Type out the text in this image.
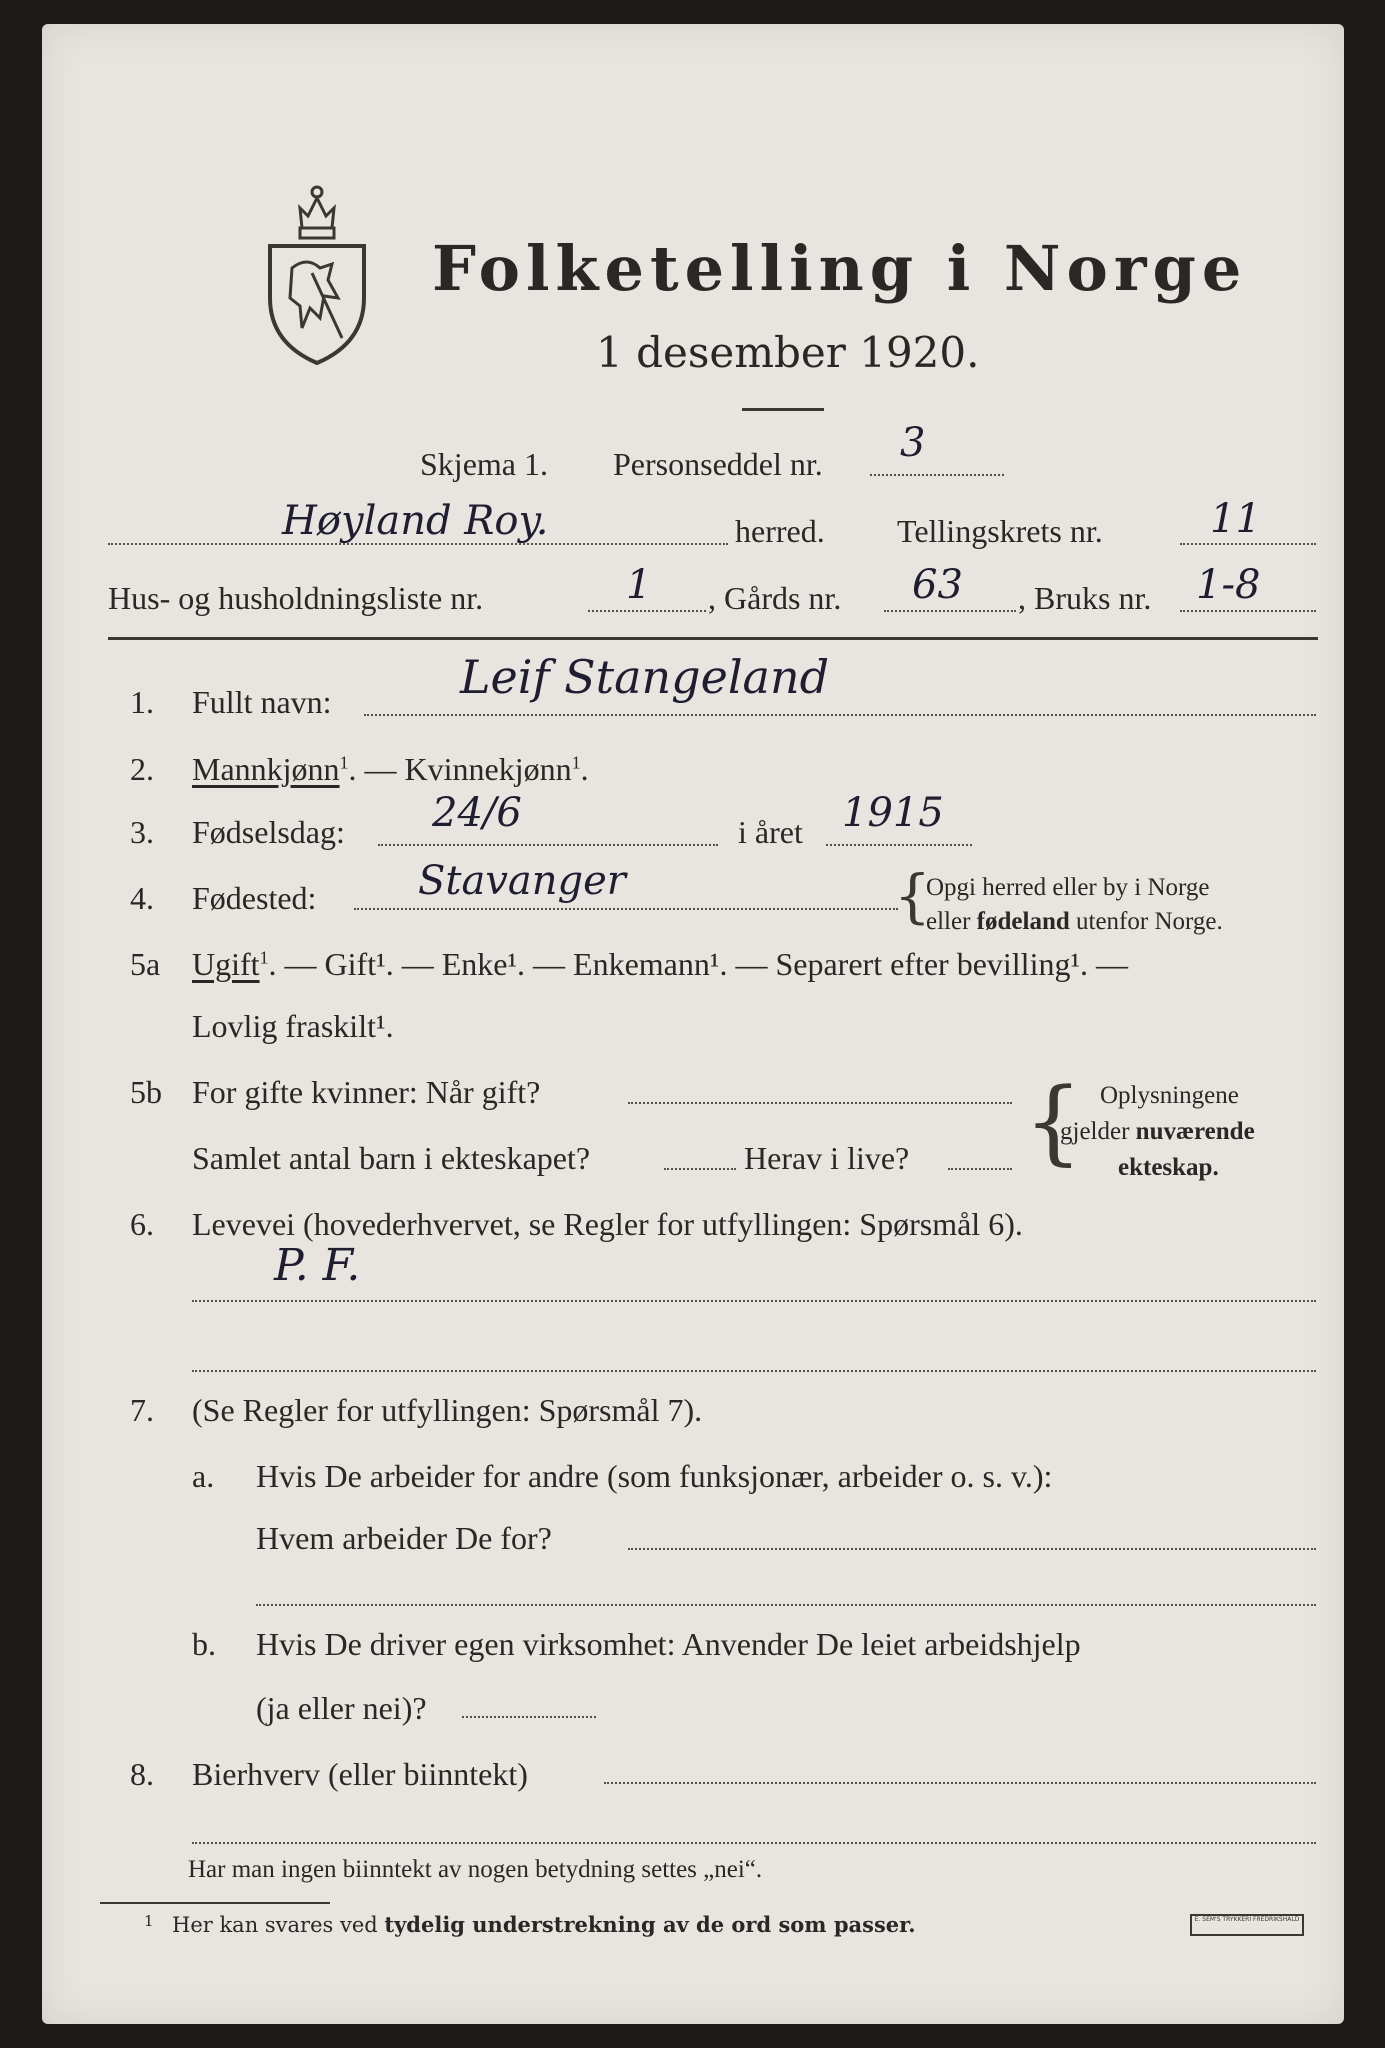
Folketelling i Norge
1 desember 1920.
Skjema 1. Personseddel nr. 3
Høyland Roy.	herred. Tellingskrets nr.	11
Hus- og husholdningsliste nr.	1 , Gårds nr. 63 , Bruks nr. 1-8
1. Fullt navn:	Leif Stangeland
2. Mannkjønn$^1$. — Kvinnekjønn$^1$.
3. Fødselsdag: 24/6	i året 1915
4. Fødested:	Stavanger	{
Opgi herred eller by i Norge
eller fødeland utenfor Norge.
5a Ugift$^1$. — Gift¹. — Enke¹. — Enkemann¹. — Separert efter bevilling¹. —
Lovlig fraskilt¹.
5b For gifte kvinner: Når gift?
Samlet antal barn i ekteskapet?	Herav i live? { Oplysningene
gjelder nuværende
ekteskap.
6. Levevei (hovederhvervet, se Regler for utfyllingen: Spørsmål 6).
P. F.
7. (Se Regler for utfyllingen: Spørsmål 7).
a. Hvis De arbeider for andre (som funksjonær, arbeider o. s. v.):
Hvem arbeider De for?
b. Hvis De driver egen virksomhet: Anvender De leiet arbeidshjelp
(ja eller nei)?
8. Bierhverv (eller biinntekt)
Har man ingen biinntekt av nogen betydning settes „nei“.
1 Her kan svares ved tydelig understrekning av de ord som passer.	E. SEM'S TRYKKERI FREDRIKSHALD
